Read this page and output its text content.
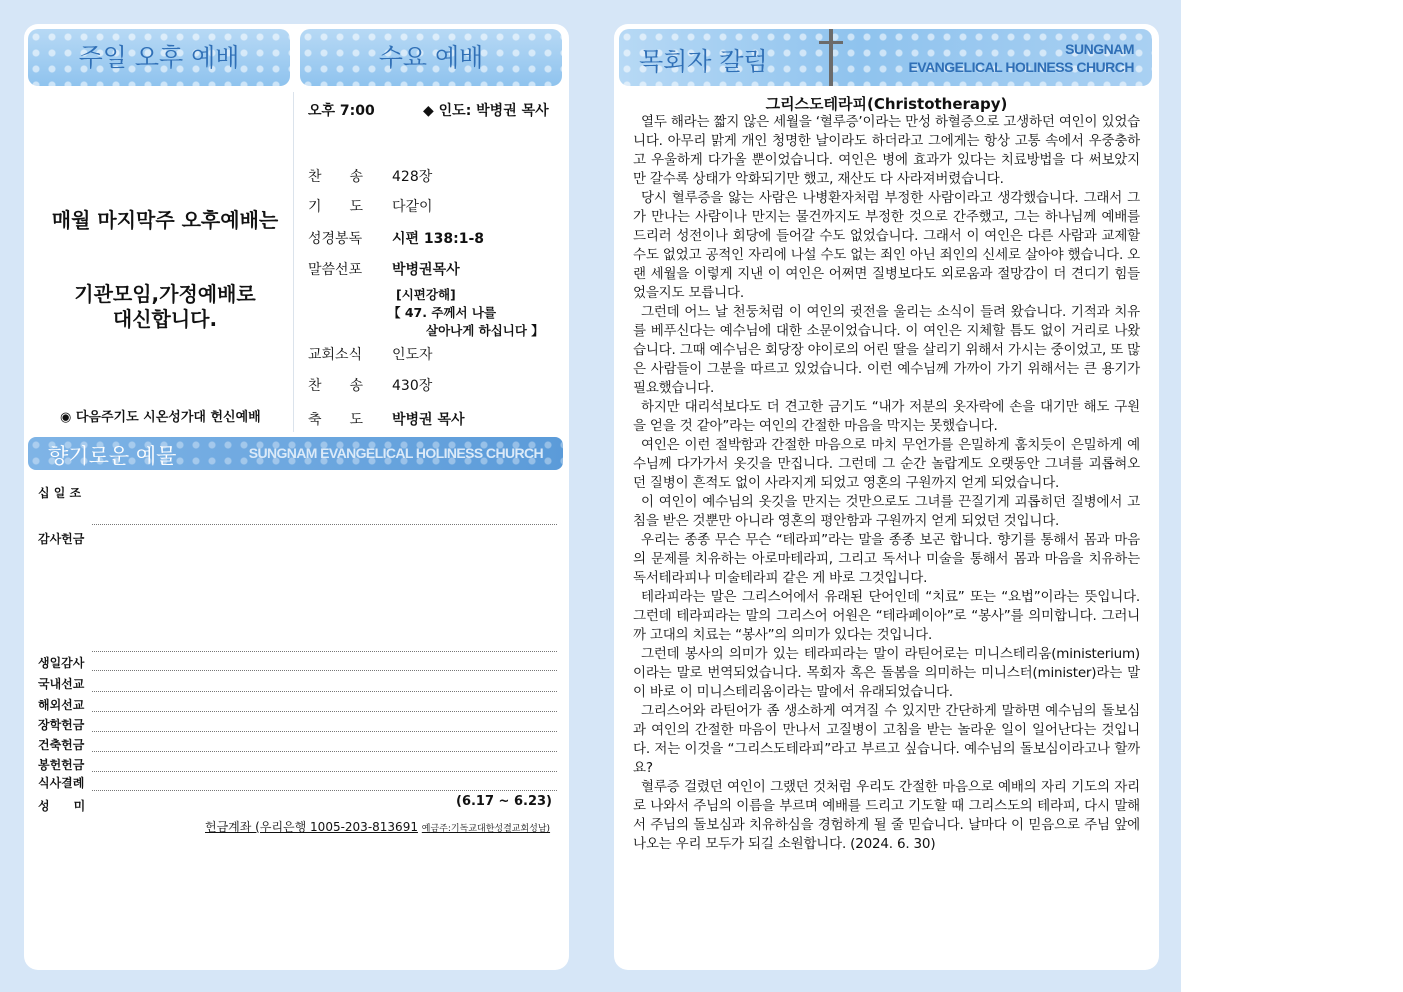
주일 오후 예배	수요 예배
매월 마지막주 오후예배는
기관모임,가정예배로
대신합니다.
◉ 다음주기도 시온성가대 헌신예배
오후 7:00	◆ 인도: 박병권 목사
찬　　송 428장
기　　도 다같이
성경봉독 시편 138:1-8
말씀선포 박병권목사
[시편강해]
【 47. 주께서 나를
살아나게 하십니다 】
교회소식 인도자
찬　　송 430장
축　　도 박병권 목사
향기로운 예물	SUNGNAM EVANGELICAL HOLINESS CHURCH
십 일 조
감사헌금
생일감사
국내선교
해외선교
장학헌금
건축헌금
봉헌헌금
식사결례
성　　미	(6.17 ~ 6.23)
헌금계좌 (우리은행 1005-203-813691 예금주:기독교대한성결교회성남)
목회자 칼럼	SUNGNAM
EVANGELICAL HOLINESS CHURCH
그리스도테라피(Christotherapy)

열두 해라는 짧지 않은 세월을 ‘혈루증’이라는 만성 하혈증으로 고생하던 여인이 있었습니다. 아무리 맑게 개인 청명한 날이라도 하더라고 그에게는 항상 고통 속에서 우중충하고 우울하게 다가올 뿐이었습니다. 여인은 병에 효과가 있다는 치료방법을 다 써보았지만 갈수록 상태가 악화되기만 했고, 재산도 다 사라져버렸습니다.

당시 혈루증을 앓는 사람은 나병환자처럼 부정한 사람이라고 생각했습니다. 그래서 그가 만나는 사람이나 만지는 물건까지도 부정한 것으로 간주했고, 그는 하나님께 예배를 드리러 성전이나 회당에 들어갈 수도 없었습니다. 그래서 이 여인은 다른 사람과 교제할 수도 없었고 공적인 자리에 나설 수도 없는 죄인 아닌 죄인의 신세로 살아야 했습니다. 오랜 세월을 이렇게 지낸 이 여인은 어쩌면 질병보다도 외로움과 절망감이 더 견디기 힘들었을지도 모릅니다.

그런데 어느 날 천둥처럼 이 여인의 귓전을 울리는 소식이 들려 왔습니다. 기적과 치유를 베푸신다는 예수님에 대한 소문이었습니다. 이 여인은 지체할 틈도 없이 거리로 나왔습니다. 그때 예수님은 회당장 야이로의 어린 딸을 살리기 위해서 가시는 중이었고, 또 많은 사람들이 그분을 따르고 있었습니다. 이런 예수님께 가까이 가기 위해서는 큰 용기가 필요했습니다.

하지만 대리석보다도 더 견고한 금기도 “내가 저분의 옷자락에 손을 대기만 해도 구원을 얻을 것 같아”라는 여인의 간절한 마음을 막지는 못했습니다.

여인은 이런 절박함과 간절한 마음으로 마치 무언가를 은밀하게 훔치듯이 은밀하게 예수님께 다가가서 옷깃을 만집니다. 그런데 그 순간 놀랍게도 오랫동안 그녀를 괴롭혀오던 질병이 흔적도 없이 사라지게 되었고 영혼의 구원까지 얻게 되었습니다.

이 여인이 예수님의 옷깃을 만지는 것만으로도 그녀를 끈질기게 괴롭히던 질병에서 고침을 받은 것뿐만 아니라 영혼의 평안함과 구원까지 얻게 되었던 것입니다.

우리는 종종 무슨 무슨 “테라피”라는 말을 종종 보곤 합니다. 향기를 통해서 몸과 마음의 문제를 치유하는 아로마테라피, 그리고 독서나 미술을 통해서 몸과 마음을 치유하는 독서테라피나 미술테라피 같은 게 바로 그것입니다.

테라피라는 말은 그리스어에서 유래된 단어인데 “치료” 또는 “요법”이라는 뜻입니다. 그런데 테라피라는 말의 그리스어 어원은 “테라페이아”로 “봉사”를 의미합니다. 그러니까 고대의 치료는 “봉사”의 의미가 있다는 것입니다.

그런데 봉사의 의미가 있는 테라피라는 말이 라틴어로는 미니스테리움(ministerium)이라는 말로 번역되었습니다. 목회자 혹은 돌봄을 의미하는 미니스터(minister)라는 말이 바로 이 미니스테리움이라는 말에서 유래되었습니다.

그리스어와 라틴어가 좀 생소하게 여겨질 수 있지만 간단하게 말하면 예수님의 돌보심과 여인의 간절한 마음이 만나서 고질병이 고침을 받는 놀라운 일이 일어난다는 것입니다. 저는 이것을 “그리스도테라피”라고 부르고 싶습니다. 예수님의 돌보심이라고나 할까요?

혈루증 걸렸던 여인이 그랬던 것처럼 우리도 간절한 마음으로 예배의 자리 기도의 자리로 나와서 주님의 이름을 부르며 예배를 드리고 기도할 때 그리스도의 테라피, 다시 말해서 주님의 돌보심과 치유하심을 경험하게 될 줄 믿습니다. 날마다 이 믿음으로 주님 앞에 나오는 우리 모두가 되길 소원합니다. (2024. 6. 30)
